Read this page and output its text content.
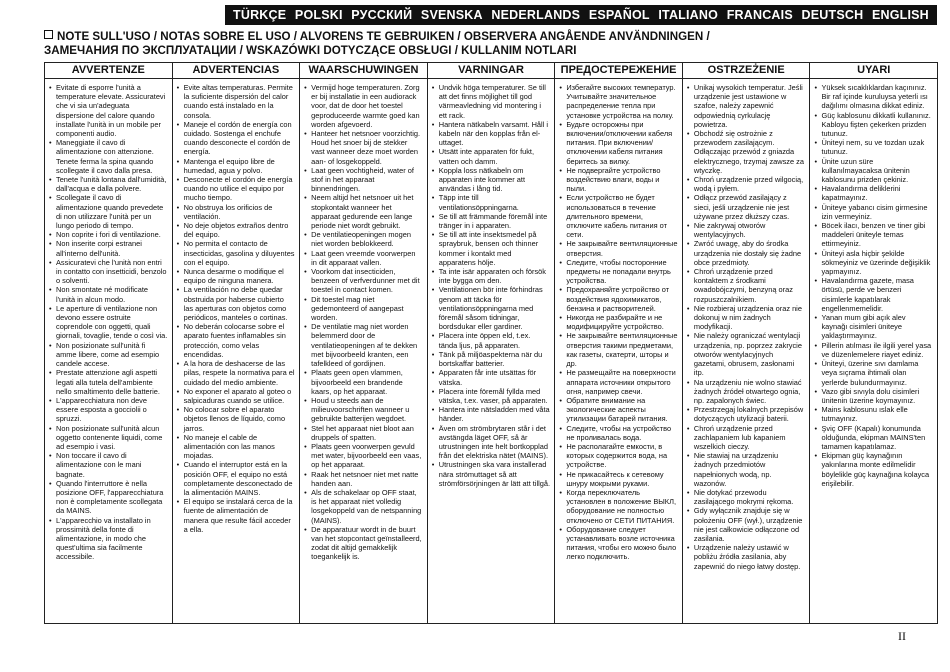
TÜRKÇE POLSKI РУССКИЙ SVENSKA NEDERLANDS ESPAÑOL ITALIANO FRANCAIS DEUTSCH ENGLISH
NOTE SULL'USO / NOTAS SOBRE EL USO / ALVORENS TE GEBRUIKEN / OBSERVERA ANGÅENDE ANVÄNDNINGEN /
ЗАМЕЧАНИЯ ПО ЭКСПЛУАТАЦИИ / WSKAZÓWKI DOTYCZĄCE OBSŁUGI / KULLANIM NOTLARI
AVVERTENZE
• Evitate di esporre l'unità a temperature elevate. Assicuratevi che vi sia un'adeguata dispersione del calore quando installate l'unità in un mobile per componenti audio.
• Maneggiate il cavo di alimentazione con attenzione. Tenete ferma la spina quando scollegate il cavo dalla presa.
• Tenete l'unità lontana dall'umidità, dall'acqua e dalla polvere.
• Scollegate il cavo di alimentazione quando prevedete di non utilizzare l'unità per un lungo periodo di tempo.
• Non coprite i fori di ventilazione.
• Non inserite corpi estranei all'interno dell'unità.
• Assicuratevi che l'unità non entri in contatto con insetticidi, benzolo o solventi.
• Non smontate né modificate l'unità in alcun modo.
• Le aperture di ventilazione non devono essere ostruite coprendole con oggetti, quali giornali, tovaglie, tende o così via.
• Non posizionate sull'unità fi amme libere, come ad esempio candele accese.
• Prestate attenzione agli aspetti legati alla tutela dell'ambiente nello smaltimento delle batterie.
• L'apparecchiatura non deve essere esposta a gocciolii o spruzzi.
• Non posizionate sull'unità alcun oggetto contenente liquidi, come ad esempio i vasi.
• Non toccare il cavo di alimentazione con le mani bagnate.
• Quando l'interruttore è nella posizione OFF, l'apparecchiatura non è completamente scollegata da MAINS.
• L'apparecchio va installato in prossimità della fonte di alimentazione, in modo che quest'ultima sia facilmente accessibile.
ADVERTENCIAS
• Evite altas temperaturas. Permite la suficiente dispersión del calor cuando está instalado en la consola.
• Maneje el cordón de energía con cuidado. Sostenga el enchufe cuando desconecte el cordón de energía.
• Mantenga el equipo libre de humedad, agua y polvo.
• Desconecte el cordón de energía cuando no utilice el equipo por mucho tiempo.
• No obstruya los orificios de ventilación.
• No deje objetos extraños dentro del equipo.
• No permita el contacto de insecticidas, gasolina y diluyentes con el equipo.
• Nunca desarme o modifique el equipo de ninguna manera.
• La ventilación no debe quedar obstruida por haberse cubierto las aperturas con objetos como periódicos, manteles o cortinas.
• No deberán colocarse sobre el aparato fuentes inflamables sin protección, como velas encendidas.
• A la hora de deshacerse de las pilas, respete la normativa para el cuidado del medio ambiente.
• No exponer el aparato al goteo o salpicaduras cuando se utilice.
• No colocar sobre el aparato objetos llenos de líquido, como jarros.
• No maneje el cable de alimentación con las manos mojadas.
• Cuando el interruptor está en la posición OFF, el equipo no está completamente desconectado de la alimentación MAINS.
• El equipo se instalará cerca de la fuente de alimentación de manera que resulte fácil acceder a ella.
WAARSCHUWINGEN
• Vermijd hoge temperaturen. Zorg er bij installatie in een audiorack voor, dat de door het toestel geproduceerde warmte goed kan worden afgevoerd.
• Hanteer het netsnoer voorzichtig. Houd het snoer bij de stekker vast wanneer deze moet worden aan- of losgekoppeld.
• Laat geen vochtigheid, water of stof in het apparaat binnendringen.
• Neem altijd het netsnoer uit het stopkontakt wanneer het apparaat gedurende een lange periode niet wordt gebruikt.
• De ventilatieopeningen mogen niet worden beblokkeerd.
• Laat geen vreemde voorwerpen in dit apparaat vallen.
• Voorkom dat insecticiden, benzeen of verfverdunner met dit toestel in contact komen.
• Dit toestel mag niet gedemonteerd of aangepast worden.
• De ventilatie mag niet worden belemmerd door de ventilatieopeningen af te dekken met bijvoorbeeld kranten, een tafelkleed of gordijnen.
• Plaats geen open vlammen, bijvoorbeeld een brandende kaars, op het apparaat.
• Houd u steeds aan de milieuvoorschriften wanneer u gebruikte batterijen wegdoet.
• Stel het apparaat niet bloot aan druppels of spatten.
• Plaats geen voorwerpen gevuld met water, bijvoorbeeld een vaas, op het apparaat.
• Raak het netsnoer niet met natte handen aan.
• Als de schakelaar op OFF staat, is het apparaat niet volledig losgekoppeld van de netspanning (MAINS).
• De apparatuur wordt in de buurt van het stopcontact geïnstalleerd, zodat dit altijd gemakkelijk toegankelijk is.
VARNINGAR
• Undvik höga temperaturer. Se till att det finns möjlighet till god värmeavledning vid montering i ett rack.
• Hantera nätkabeln varsamt. Håll i kabeln när den kopplas från el-uttaget.
• Utsätt inte apparaten för fukt, vatten och damm.
• Koppla loss nätkabeln om apparaten inte kommer att användas i lång tid.
• Täpp inte till ventilationsöppningarna.
• Se till att främmande föremål inte tränger in i apparaten.
• Se till att inte insektsmedel på spraybruk, bensen och thinner kommer i kontakt med apparatens hölje.
• Ta inte isär apparaten och försök inte bygga om den.
• Ventilationen bör inte förhindras genom att täcka för ventilationsöppningarna med föremål såsom tidningar, bordsdukar eller gardiner.
• Placera inte öppen eld, t.ex. tända ljus, på apparaten.
• Tänk på miljöaspekterna när du bortskaffar batterier.
• Apparaten får inte utsättas för vätska.
• Placera inte föremål fyllda med vätska, t.ex. vaser, på apparaten.
• Hantera inte nätsladden med våta händer.
• Även om strömbrytaren står i det avstängda läget OFF, så är utrustningen inte helt bortkopplad från det elektriska nätet (MAINS).
• Utrustningen ska vara installerad nära strömuttaget så att strömförsörjningen är lätt att tillgå.
ПРЕДОСТЕРЕЖЕНИЕ
• Избегайте высоких температур. Учитывайте значительное распределение тепла при установке устройства на полку.
• Будьте осторожны при включении/отключении кабеля питания. При включении/отключении кабеля питания беритесь за вилку.
• Не подвергайте устройство воздействию влаги, воды и пыли.
• Если устройство не будет использоваться в течение длительного времени, отключите кабель питания от сети.
• Не закрывайте вентиляционные отверстия.
• Следите, чтобы посторонние предметы не попадали внутрь устройства.
• Предохраняйте устройство от воздействия ядохимикатов, бензина и растворителей.
• Никогда не разбирайте и не модифицируйте устройство.
• Не закрывайте вентиляционные отверстия такими предметами, как газеты, скатерти, шторы и др.
• Не размещайте на поверхности аппарата источники открытого огня, например свечи.
• Обратите внимание на экологические аспекты утилизации батарей питания.
• Следите, чтобы на устройство не проливалась вода.
• Не располагайте емкости, в которых содержится вода, на устройстве.
• Не прикасайтесь к сетевому шнуру мокрыми руками.
• Когда переключатель установлен в положение ВЫКЛ, оборудование не полностью отключено от СЕТИ ПИТАНИЯ.
• Оборудование следует устанавливать возле источника питания, чтобы его можно было легко подключить.
OSTRZEŻENIE
• Unikaj wysokich temperatur. Jeśli urządzenie jest ustawione w szafce, należy zapewnić odpowiednią cyrkulację powietrza.
• Obchodź się ostrożnie z przewodem zasilającym. Odłączając przewód z gniazda elektrycznego, trzymaj zawsze za wtyczkę.
• Chroń urządzenie przed wilgocią, wodą i pyłem.
• Odłącz przewód zasilający z sieci, jeśli urządzenie nie jest używane przez dłuższy czas.
• Nie zakrywaj otworów wentylacyjnych.
• Zwróć uwagę, aby do środka urządzenia nie dostały się żadne obce przedmioty.
• Chroń urządzenie przed kontaktem z środkami owadobójczymi, benzyną oraz rozpuszczalnikiem.
• Nie rozbieraj urządzenia oraz nie dokonuj w nim żadnych modyfikacji.
• Nie należy ograniczać wentylacji urządzenia, np. poprzez zakrycie otworów wentylacyjnych gazetami, obrusem, zasłonami itp.
• Na urządzeniu nie wolno stawiać żadnych źródeł otwartego ognia, np. zapalonych świec.
• Przestrzegaj lokalnych przepisów dotyczących utylizacji baterii.
• Chroń urządzenie przed zachlapaniem lub kapaniem wszelkich cieczy.
• Nie stawiaj na urządzeniu żadnych przedmiotów napełnionych wodą, np. wazonów.
• Nie dotykać przewodu zasilającego mokrymi rękoma.
• Gdy wyłącznik znajduje się w położeniu OFF (wył.), urządzenie nie jest całkowicie odłączone od zasilania.
• Urządzenie należy ustawić w pobliżu źródła zasilania, aby zapewnić do niego łatwy dostęp.
UYARI
• Yüksek sıcaklıklardan kaçınınız. Bir raf içinde kuruluysa yeterli ısı dağılımı olmasına dikkat ediniz.
• Güç kablosunu dikkatli kullanınız. Kabloyu fişten çekerken prizden tutunuz.
• Üniteyi nem, su ve tozdan uzak tutunuz.
• Ünite uzun süre kullanılmayacaksa ünitenin kablosunu prizden çekiniz.
• Havalandırma deliklerini kapatmayınız.
• Üniteye yabancı cisim girmesine izin vermeyiniz.
• Böcek ilacı, benzen ve tiner gibi maddeleri üniteyle temas ettirmeyiniz.
• Üniteyi asla hiçbir şekilde sökmeyiniz ve üzerinde değişiklik yapmayınız.
• Havalandırma gazete, masa örtüsü, perde ve benzeri cisimlerle kapatılarak engellenmemelidir.
• Yanan mum gibi açık alev kaynağı cisimleri üniteye yaklaştırmayınız.
• Pillerin atılması ile ilgili yerel yasa ve düzenlemelere riayet ediniz.
• Üniteyi, üzerine sıvı damlama veya sıçrama ihtimali olan yerlerde bulundurmayınız.
• Vazo gibi sıvıyla dolu cisimleri ünitenin üzerine koymayınız.
• Mains kablosunu ıslak elle tutmayınız.
• Şviç OFF (Kapalı) konumunda olduğunda, ekipman MAINS'ten tamamen kapatılamaz.
• Ekipman güç kaynağının yakınlarına monte edilmelidir böylelikle güç kaynağına kolayca erişilebilir.
II
